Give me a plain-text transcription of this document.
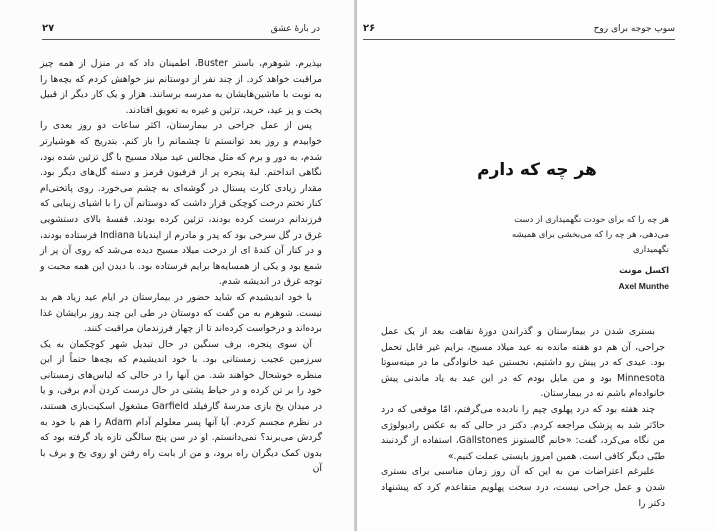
۲۷	در بارهٔ عشق

بپذیرم. شوهرم، باستر Buster، اطمینان داد که در منزل از همه چیز مراقبت خواهد کرد. از چند نفر از دوستانم نیز خواهش کردم که بچه‌ها را به نوبت با ماشین‌هایشان به مدرسه برسانند. هزار و یک کار دیگر از قبیل پخت و پز عید، خرید، تزئین و غیره به تعویق افتادند.

پس از عمل جراحی در بیمارستان، اکثر ساعات دو روز بعدی را خوابیدم و روز بعد توانستم تا چشمانم را باز کنم. بتدریج که هوشیارتر شدم، به دور و برم که مثل مجالس عید میلاد مسیح با گل تزئین شده بود، نگاهی انداختم. لبهٔ پنجره پر از فرفیون قرمز و دسته گل‌های دیگر بود. مقدار زیادی کارت پستال در گوشه‌ای به چشم می‌خورد. روی پاتختی‌ام کنار تختم درخت کوچکی قرار داشت که دوستانم آن را با اشیای زیبایی که فرزندانم درست کرده بودند، تزئین کرده بودند. قفسهٔ بالای دستشویی غرق در گل سرخی بود که پدر و مادرم از ایندیانا Indiana فرستاده بودند، و در کنار آن کندهٔ ای از درخت میلاد مسیح دیده می‌شد که روی آن پر از شمع بود و یکی از همسایه‌ها برایم فرستاده بود. با دیدن این همه محبت و توجه غرق در اندیشه شدم.

با خود اندیشیدم که شاید حضور در بیمارستان در ایام عید زیاد هم بد نیست. شوهرم به من گفت که دوستان در طی این چند روز برایشان غذا برده‌اند و درخواست کرده‌اند تا از چهار فرزندمان مراقبت کنند.

آن سوی پنجره، برف سنگین در حال تبدیل شهر کوچکمان به یک سرزمین عجیب زمستانی بود. با خود اندیشیدم که بچه‌ها حتماً از این منظره خوشحال خواهند شد. من آنها را در حالی که لباس‌های زمستانی خود را بر تن کرده و در حیاط پشتی در حال درست کردن آدم برفی، و یا در میدان یخ بازی مدرسهٔ گارفیلد Garfield مشغول اسکیت‌بازی هستند، در نظرم مجسم کردم. آیا آنها پسر معلولم آدام Adam را هم با خود به گردش می‌برند؟ نمی‌دانستم. او در سن پنج سالگی تازه یاد گرفته بود که بدون کمک دیگران راه برود، و من از بابت راه رفتن او روی یخ و برف با آن

۲۶	سوپ جوجه برای روح
هر چه که دارم
هر چه را که برای حودت نگهمیداری از دست
می‌دهی، هر چه را که می‌بخشی برای همیشه
نگهمیداری
اکسل مونت
Axel Munthe

بستری شدن در بیمارستان و گذراندن دورهٔ نقاهت بعد از یک عمل جراحی، آن هم دو هفته مانده به عید میلاد مسیح، برایم غیر قابل تحمل بود. عیدی که در پیش رو داشتیم، نخستین عید خانوادگی ما در مینه‌سوتا Minnesota بود و من مایل بودم که در این عید به یاد ماندنی پیش خانواده‌ام باشم نه در بیمارستان.

چند هفته بود که درد پهلوی چپم را نادیده می‌گرفتم، امّا موقعی که درد حادّتر شد به پزشک مراجعه کردم. دکتر در حالی که به عکس رادیولوژی من نگاه می‌کرد، گفت: «خانم گالستونز Gallstones، استفاده از گردنبند طبّی دیگر کافی است. همین امروز بایستی عملت کنیم.»

علیرغم اعتراضات من به این که آن روز زمان مناسبی برای بستری شدن و عمل جراحی نیست، درد سخت پهلویم متقاعدم کرد که پیشنهاد دکتر را
